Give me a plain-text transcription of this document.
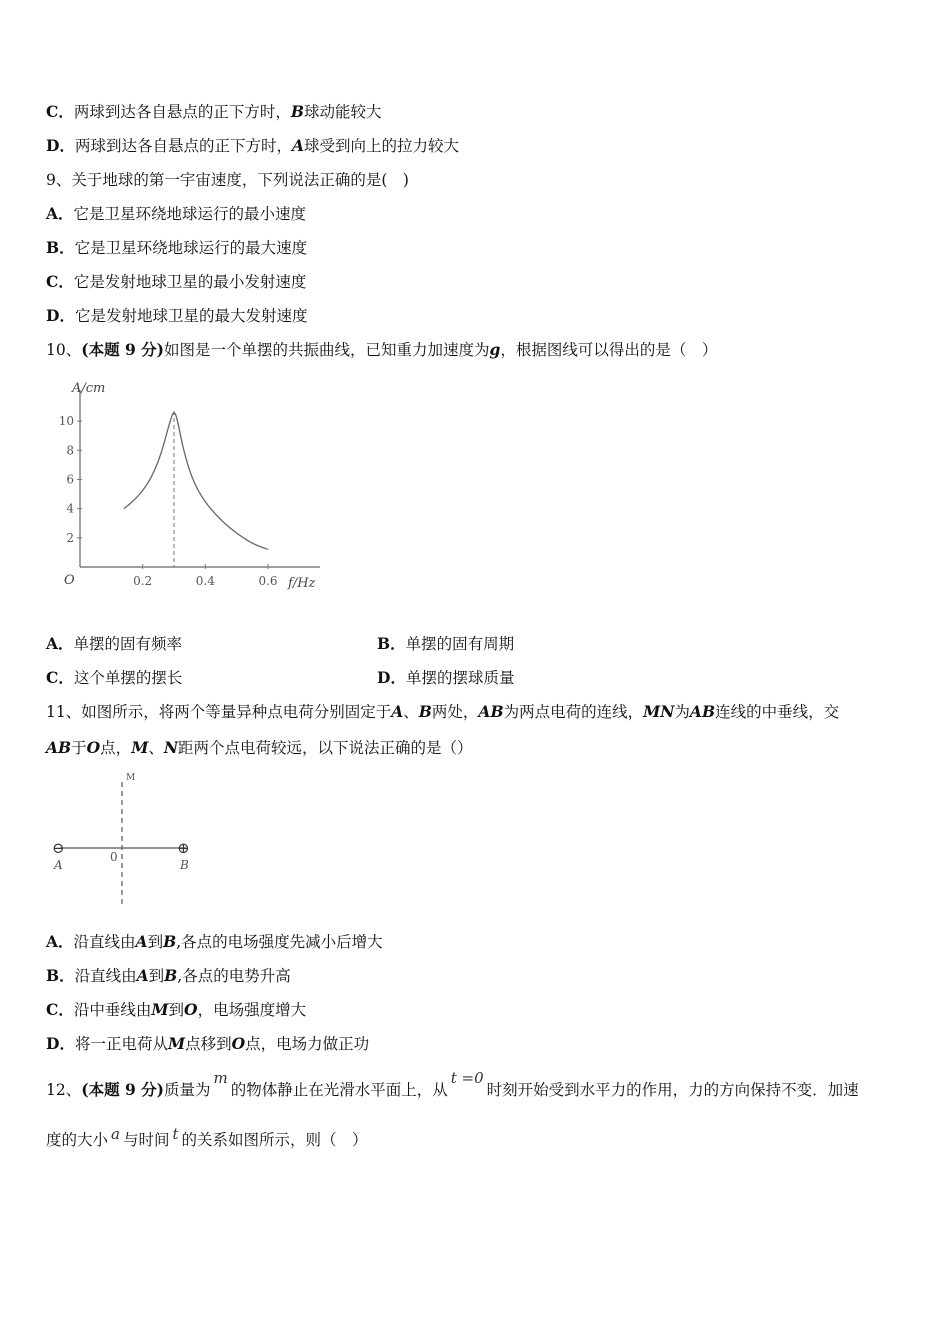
C．两球到达各自悬点的正下方时，B球动能较大
D．两球到达各自悬点的正下方时，A球受到向上的拉力较大
9、关于地球的第一宇宙速度，下列说法正确的是(　)
A．它是卫星环绕地球运行的最小速度
B．它是卫星环绕地球运行的最大速度
C．它是发射地球卫星的最小发射速度
D．它是发射地球卫星的最大发射速度
10、(本题 9 分)如图是一个单摆的共振曲线，已知重力加速度为g，根据图线可以得出的是（　）
2
4
6
8
10
0.2	0.4	0.6
A/cm
f/Hz
O
A．单摆的固有频率	B．单摆的固有周期
C．这个单摆的摆长	D．单摆的摆球质量
11、如图所示，将两个等量异种点电荷分别固定于A、B两处，AB为两点电荷的连线，MN为AB连线的中垂线，交
AB于O点，M、N距两个点电荷较远，以下说法正确的是（）
M
0
⊖	⊕
A	B
A．沿直线由A到B,各点的电场强度先减小后增大
B．沿直线由A到B,各点的电势升高
C．沿中垂线由M到O，电场强度增大
D．将一正电荷从M点移到O点，电场力做正功
12、(本题 9 分)质量为m的物体静止在光滑水平面上，从t =0时刻开始受到水平力的作用，力的方向保持不变．加速
度的大小 a 与时间 t 的关系如图所示，则（　）
